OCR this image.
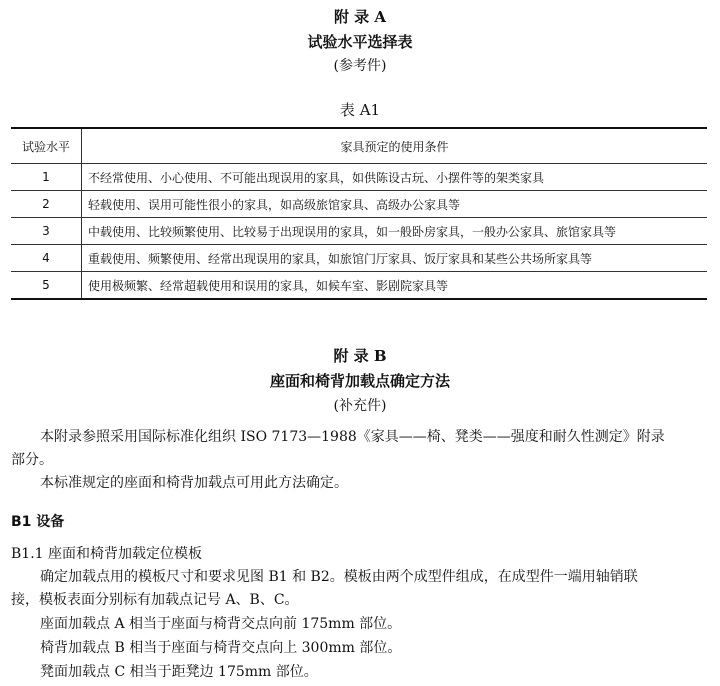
附 录 A
试验水平选择表
(参考件)
表 A1
试验水平	家具预定的使用条件
1	不经常使用、小心使用、不可能出现误用的家具，如供陈设古玩、小摆件等的架类家具
2	轻载使用、误用可能性很小的家具，如高级旅馆家具、高级办公家具等
3	中载使用、比较频繁使用、比较易于出现误用的家具，如一般卧房家具，一般办公家具、旅馆家具等
4	重载使用、频繁使用、经常出现误用的家具，如旅馆门厅家具、饭厅家具和某些公共场所家具等
5	使用极频繁、经常超载使用和误用的家具，如候车室、影剧院家具等
附 录 B
座面和椅背加载点确定方法
(补充件)
本附录参照采用国际标准化组织 ISO 7173—1988《家具——椅、凳类——强度和耐久性测定》附录
部分。
本标准规定的座面和椅背加载点可用此方法确定。
B1 设备
B1.1 座面和椅背加载定位模板
确定加载点用的模板尺寸和要求见图 B1 和 B2。模板由两个成型件组成，在成型件一端用轴销联
接，模板表面分别标有加载点记号 A、B、C。
座面加载点 A 相当于座面与椅背交点向前 175mm 部位。
椅背加载点 B 相当于座面与椅背交点向上 300mm 部位。
凳面加载点 C 相当于距凳边 175mm 部位。
